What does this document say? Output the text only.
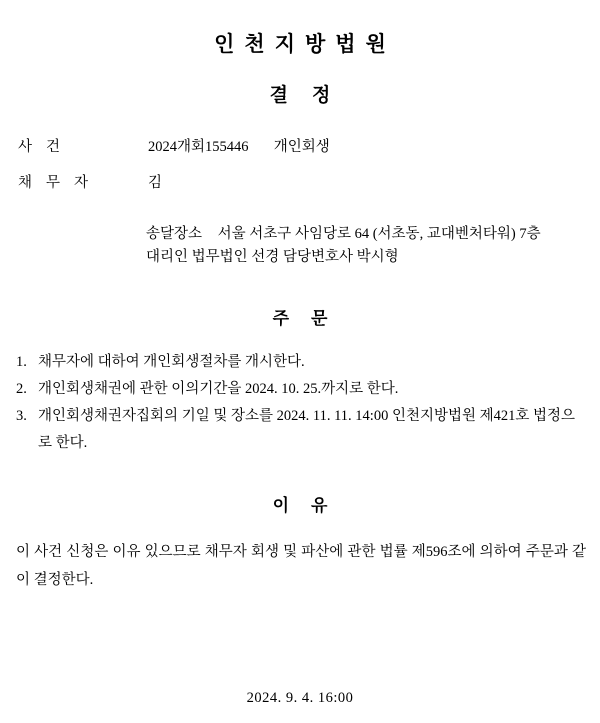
인천지방법원
결정
사건	2024개회155446 개인회생
채무자	김
송달장소 서울 서초구 사임당로 64 (서초동, 교대벤처타워) 7층
대리인 법무법인 선경 담당변호사 박시형
주문
1. 채무자에 대하여 개인회생절차를 개시한다.
2. 개인회생채권에 관한 이의기간을 2024. 10. 25.까지로 한다.
3. 개인회생채권자집회의 기일 및 장소를 2024. 11. 11. 14:00 인천지방법원 제421호 법정으로 한다.
이유
이 사건 신청은 이유 있으므로 채무자 회생 및 파산에 관한 법률 제596조에 의하여 주문과 같이 결정한다.
2024. 9. 4. 16:00
